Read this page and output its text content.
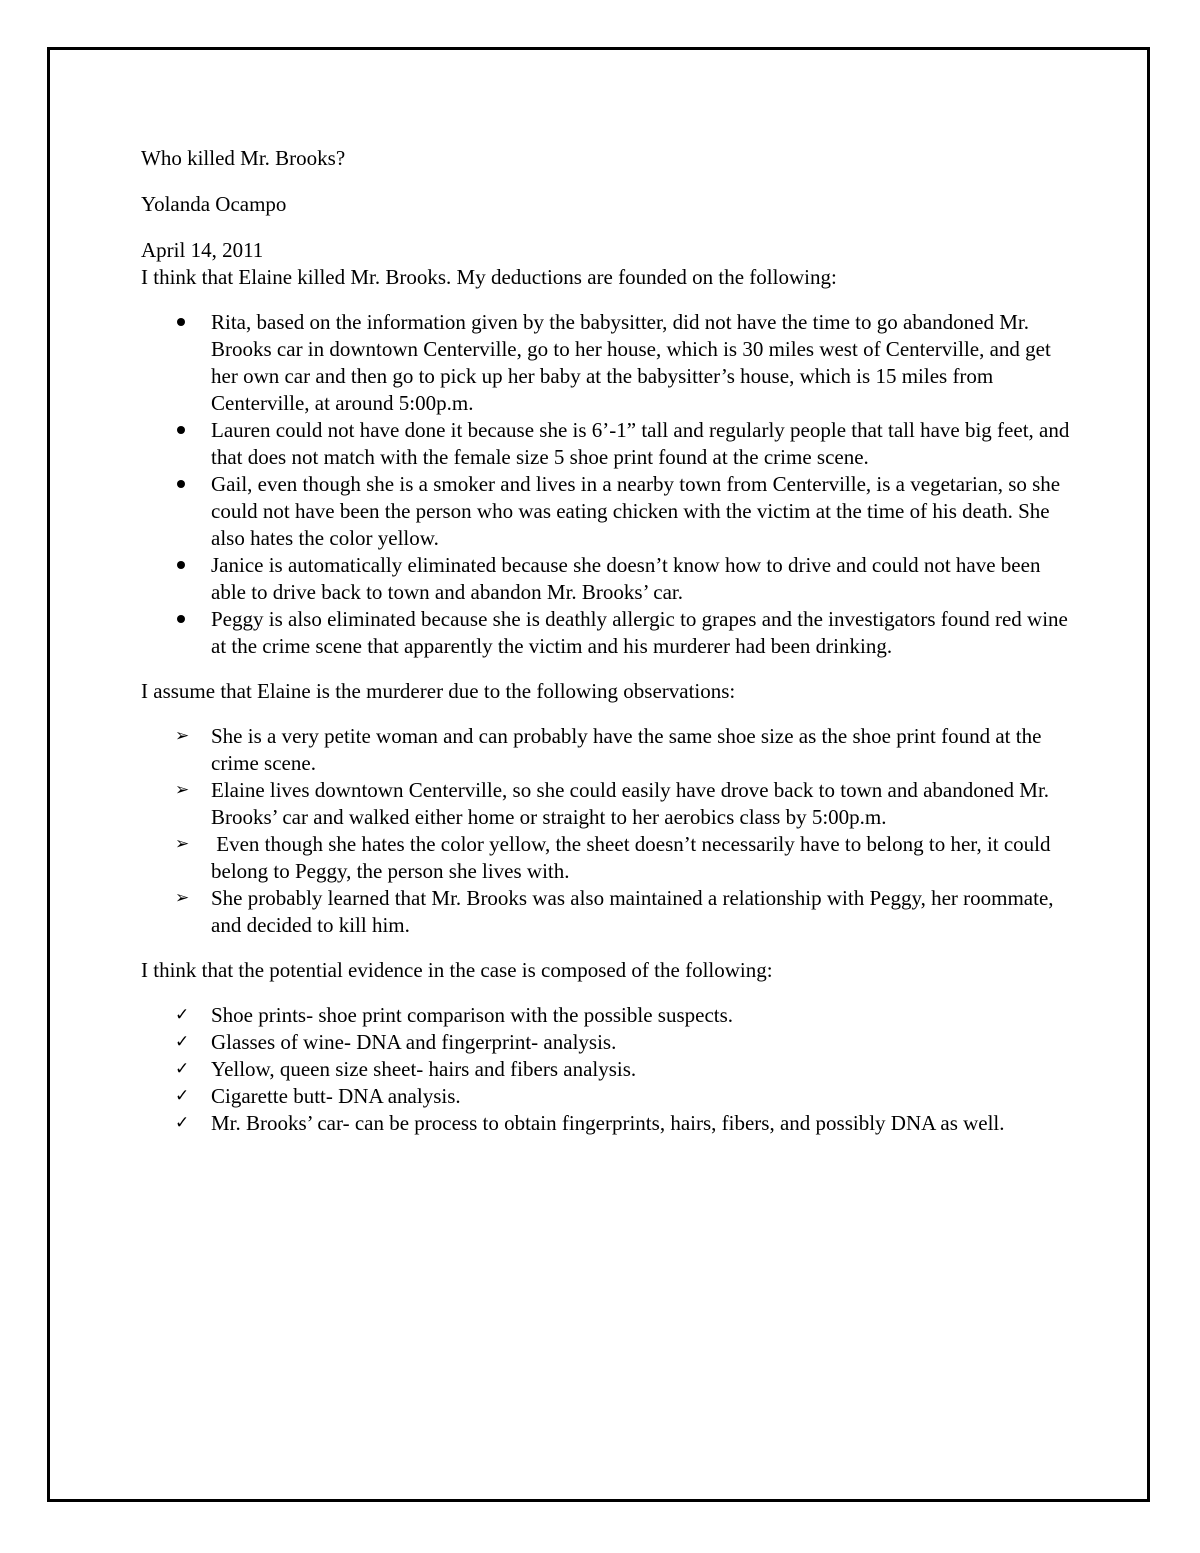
Who killed Mr. Brooks?

Yolanda Ocampo

April 14, 2011

I think that Elaine killed Mr. Brooks. My deductions are founded on the following:

Rita, based on the information given by the babysitter, did not have the time to go abandoned Mr. Brooks car in downtown Centerville, go to her house, which is 30 miles west of Centerville, and get her own car and then go to pick up her baby at the babysitter’s house, which is 15 miles from Centerville, at around 5:00p.m.
Lauren could not have done it because she is 6’-1” tall and regularly people that tall have big feet, and that does not match with the female size 5 shoe print found at the crime scene.
Gail, even though she is a smoker and lives in a nearby town from Centerville, is a vegetarian, so she could not have been the person who was eating chicken with the victim at the time of his death. She also hates the color yellow.
Janice is automatically eliminated because she doesn’t know how to drive and could not have been able to drive back to town and abandon Mr. Brooks’ car.
Peggy is also eliminated because she is deathly allergic to grapes and the investigators found red wine at the crime scene that apparently the victim and his murderer had been drinking.

I assume that Elaine is the murderer due to the following observations:

➢	She is a very petite woman and can probably have the same shoe size as the shoe print found at the crime scene.
➢	Elaine lives downtown Centerville, so she could easily have drove back to town and abandoned Mr. Brooks’ car and walked either home or straight to her aerobics class by 5:00p.m.
➢	Even though she hates the color yellow, the sheet doesn’t necessarily have to belong to her, it could belong to Peggy, the person she lives with.
➢	She probably learned that Mr. Brooks was also maintained a relationship with Peggy, her roommate, and decided to kill him.

I think that the potential evidence in the case is composed of the following:

✓	Shoe prints- shoe print comparison with the possible suspects.
✓	Glasses of wine- DNA and fingerprint- analysis.
✓	Yellow, queen size sheet- hairs and fibers analysis.
✓	Cigarette butt- DNA analysis.
✓	Mr. Brooks’ car- can be process to obtain fingerprints, hairs, fibers, and possibly DNA as well.
